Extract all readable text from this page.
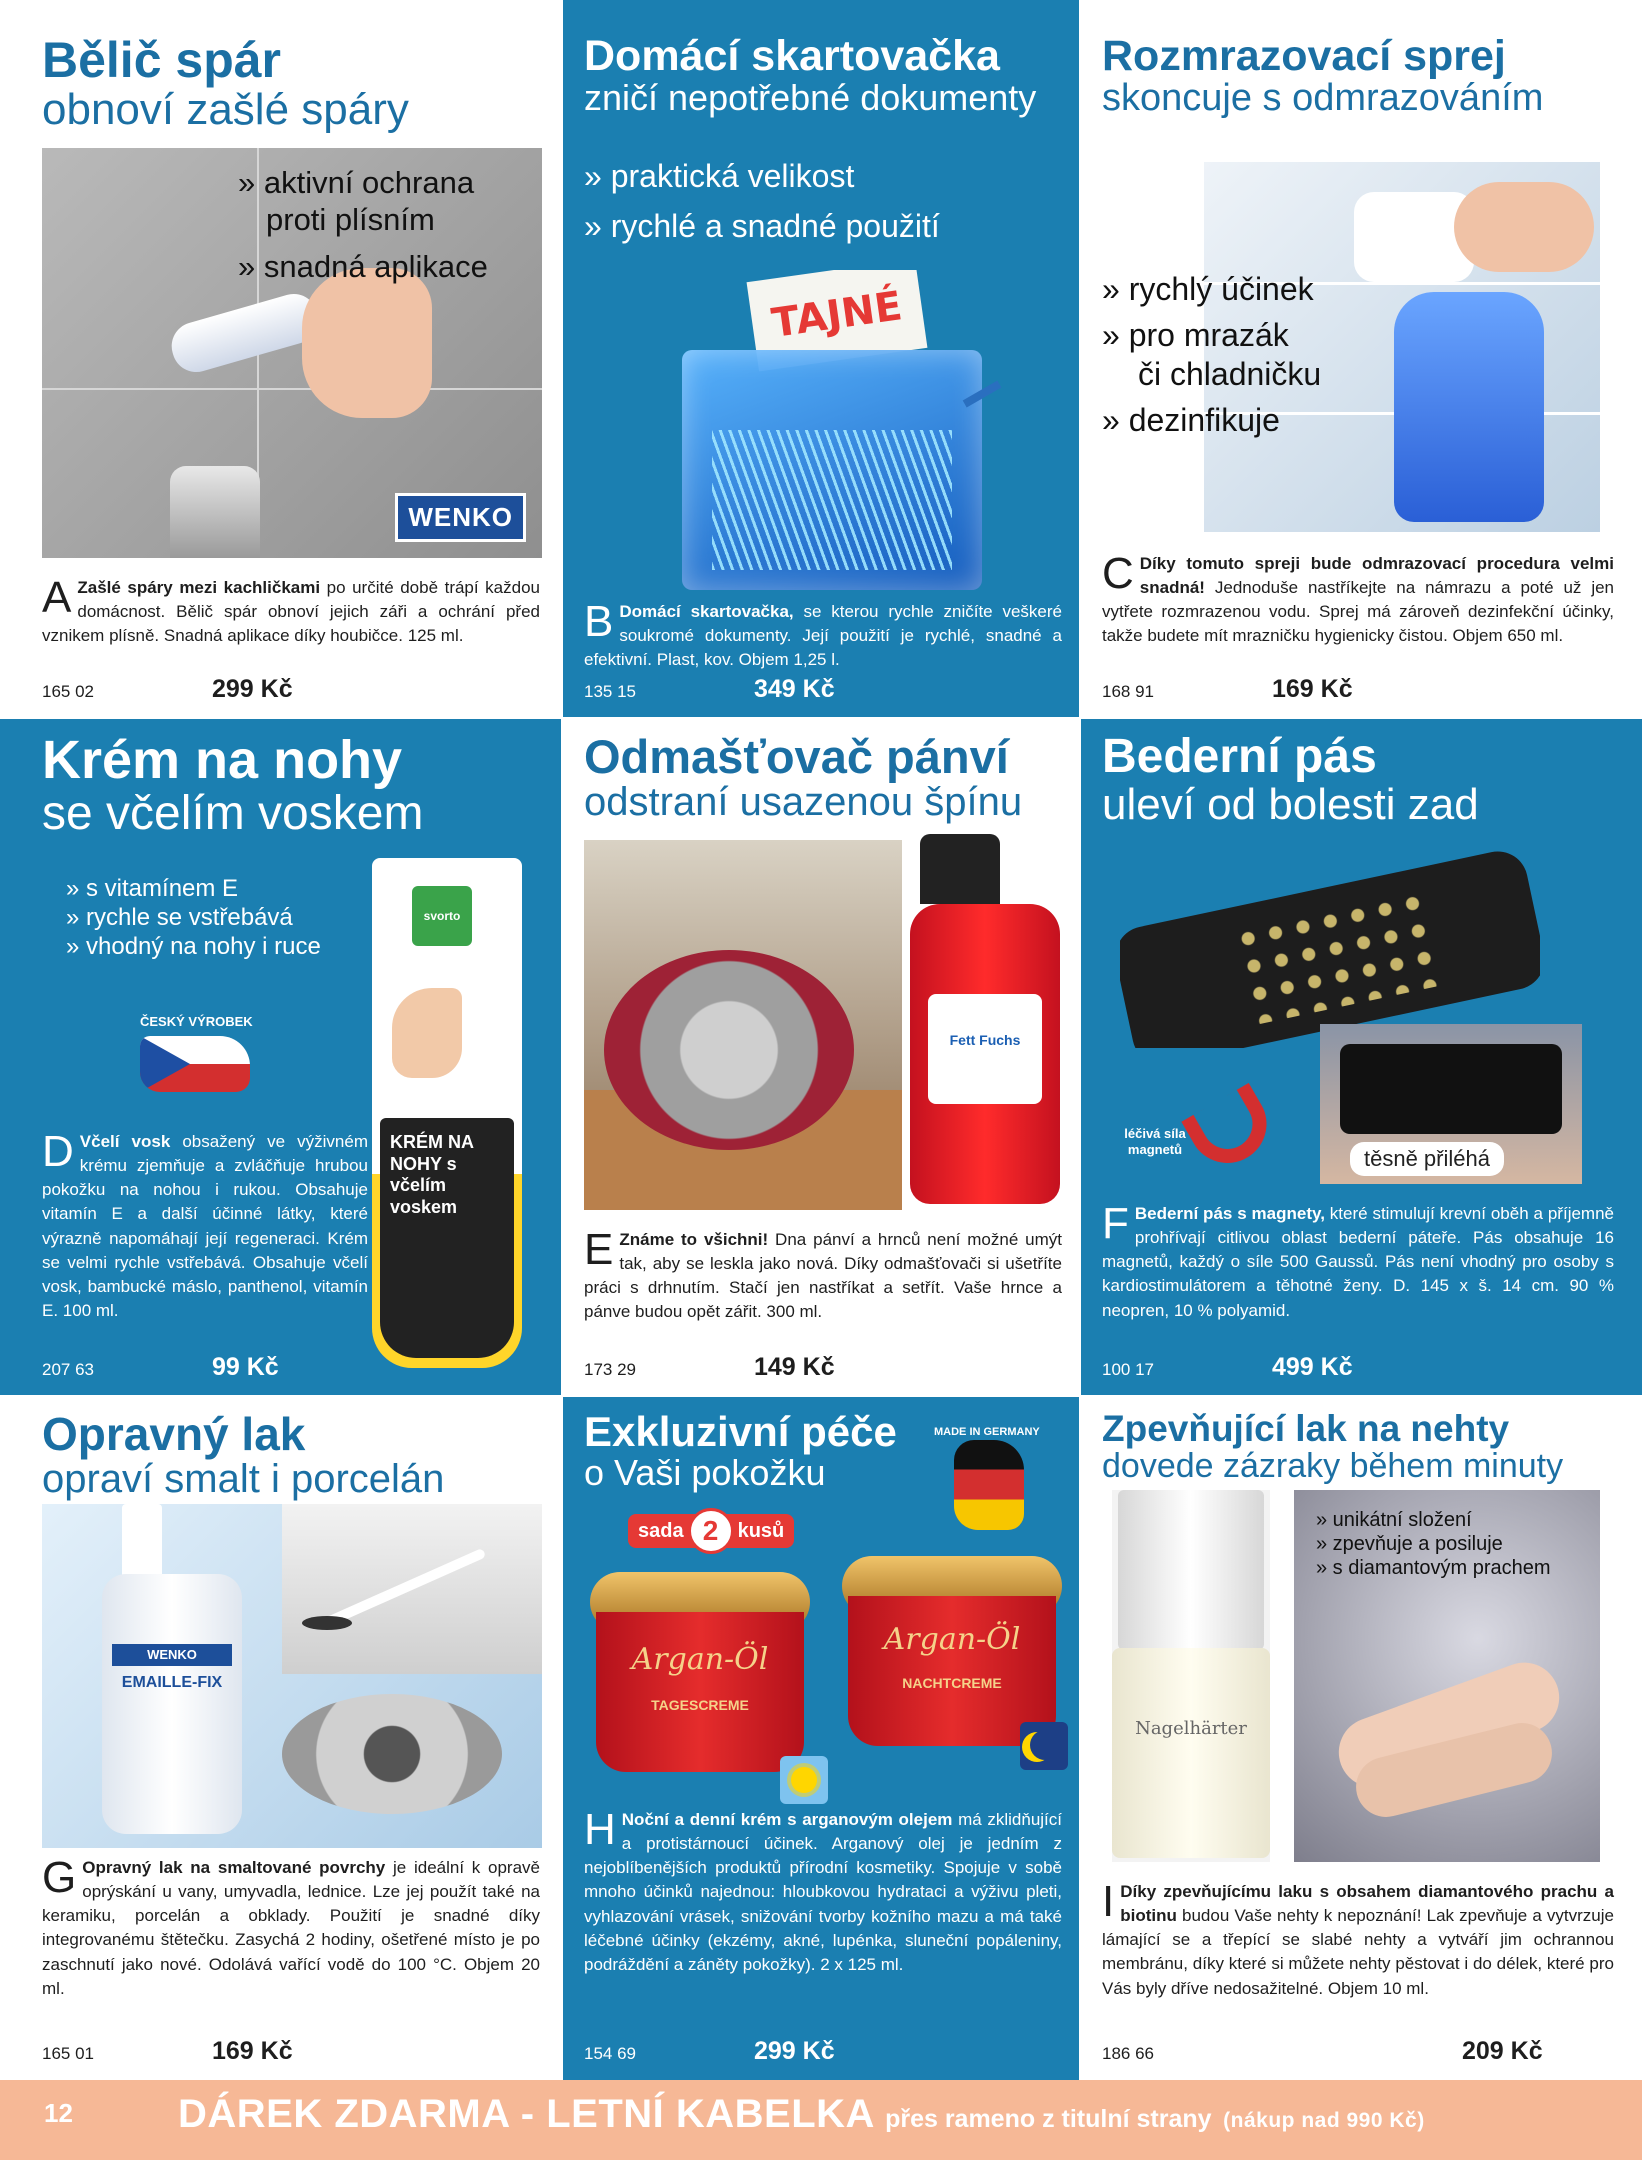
Bělič spár
obnoví zašlé spáry
» aktivní ochrana
proti plísním
» snadná aplikace
WENKO
A Zašlé spáry mezi kachličkami po určité době trápí každou domácnost. Bělič spár obnoví jejich záři a ochrání před vznikem plísně. Snadná aplikace díky houbičce. 125 ml.
165 02	299 Kč
Domácí skartovačka
zničí nepotřebné dokumenty
» praktická velikost
» rychlé a snadné použití
TAJNÉ
B Domácí skartovačka, se kterou rychle zničíte veškeré soukromé dokumenty. Její použití je rychlé, snadné a efektivní. Plast, kov. Objem 1,25 l.
135 15	349 Kč
Rozmrazovací sprej
skoncuje s odmrazováním
» rychlý účinek
» pro mrazák
či chladničku
» dezinfikuje
C Díky tomuto spreji bude odmrazovací procedura velmi snadná! Jednoduše nastříkejte na námrazu a poté už jen vytřete rozmrazenou vodu. Sprej má zároveň dezinfekční účinky, takže budete mít mrazničku hygienicky čistou. Objem 650 ml.
168 91	169 Kč
Krém na nohy
se včelím voskem
» s vitamínem E
» rychle se vstřebává
» vhodný na nohy i ruce
ČESKÝ VÝROBEK
svorto
KRÉM NA NOHY s včelím voskem
D Včelí vosk obsažený ve výživném krému zjemňuje a zvláčňuje hrubou pokožku na nohou i rukou. Obsahuje vitamín E a další účinné látky, které výrazně napomáhají její regeneraci. Krém se velmi rychle vstřebává. Obsahuje včelí vosk, bambucké máslo, panthenol, vitamín E. 100 ml.
207 63	99 Kč
Odmašťovač pánví
odstraní usazenou špínu
Fett Fuchs
E Známe to všichni! Dna pánví a hrnců není možné umýt tak, aby se leskla jako nová. Díky odmašťovači si ušetříte práci s drhnutím. Stačí jen nastříkat a setřít. Vaše hrnce a pánve budou opět zářit. 300 ml.
173 29	149 Kč
Bederní pás
uleví od bolesti zad
těsně přiléhá
léčivá síla magnetů
F Bederní pás s magnety, které stimulují krevní oběh a příjemně prohřívají citlivou oblast bederní páteře. Pás obsahuje 16 magnetů, každý o síle 500 Gaussů. Pás není vhodný pro osoby s kardiostimulátorem a těhotné ženy. D. 145 x š. 14 cm. 90 % neopren, 10 % polyamid.
100 17	499 Kč
Opravný lak
opraví smalt i porcelán
WENKO
EMAILLE-FIX
G Opravný lak na smaltované povrchy je ideální k opravě oprýskání u vany, umyvadla, lednice. Lze jej použít také na keramiku, porcelán a obklady. Použití je snadné díky integrovanému štětečku. Zasychá 2 hodiny, ošetřené místo je po zaschnutí jako nové. Odolává vařící vodě do 100 °C. Objem 20 ml.
165 01	169 Kč
Exkluzivní péče
o Vaši pokožku
MADE IN GERMANY
sada 2 kusů
Argan-Öl
TAGESCREME
Argan-Öl
NACHTCREME
H Noční a denní krém s arganovým olejem má zklidňující a protistárnoucí účinek. Arganový olej je jedním z nejoblíbenějších produktů přírodní kosmetiky. Spojuje v sobě mnoho účinků najednou: hloubkovou hydrataci a výživu pleti, vyhlazování vrásek, snižování tvorby kožního mazu a má také léčebné účinky (ekzémy, akné, lupénka, sluneční popáleniny, podráždění a záněty pokožky). 2 x 125 ml.
154 69	299 Kč
Zpevňující lak na nehty
dovede zázraky během minuty
Nagelhärter
» unikátní složení
» zpevňuje a posiluje
» s diamantovým prachem
I Díky zpevňujícímu laku s obsahem diamantového prachu a biotinu budou Vaše nehty k nepoznání! Lak zpevňuje a vytvrzuje lámající se a třepící se slabé nehty a vytváří jim ochrannou membránu, díky které si můžete nehty pěstovat i do délek, které pro Vás byly dříve nedosažitelné. Objem 10 ml.
186 66	209 Kč
12	DÁREK ZDARMA - LETNÍ KABELKA přes rameno z titulní strany (nákup nad 990 Kč)
